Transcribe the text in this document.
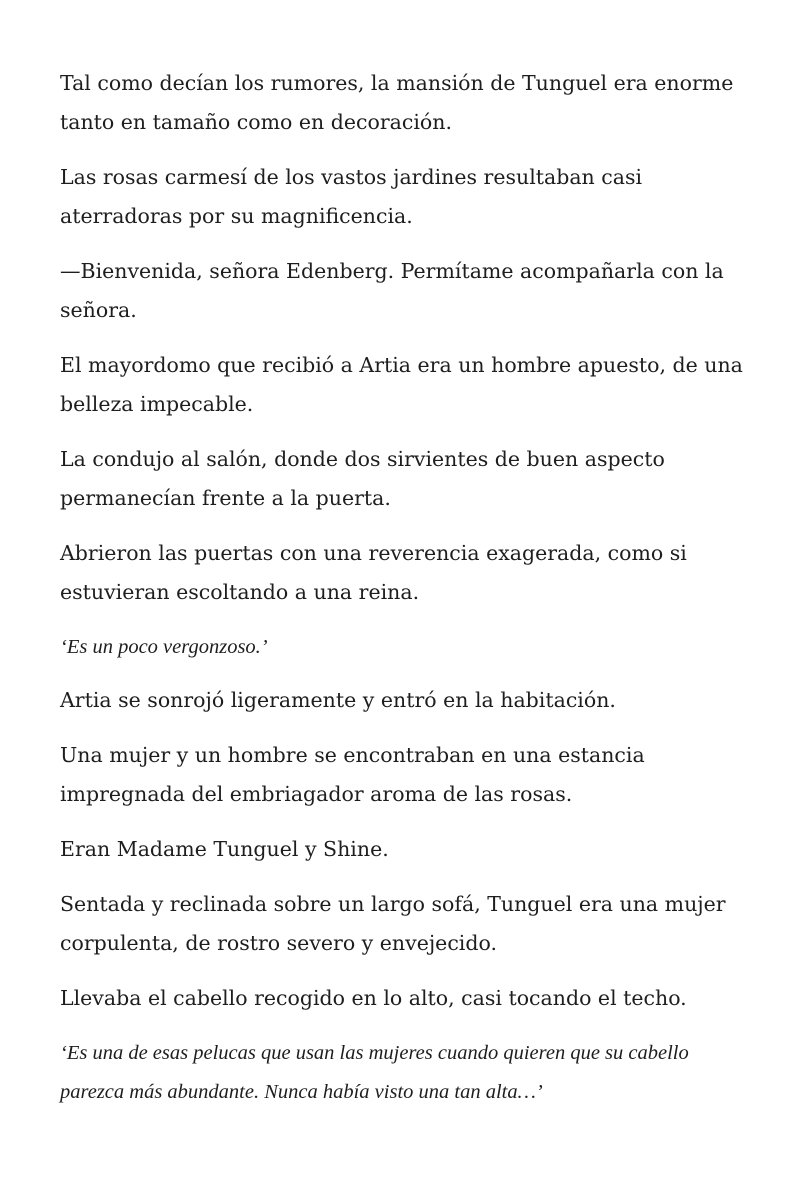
Tal como decían los rumores, la mansión de Tunguel era enorme tanto en tamaño como en decoración.

Las rosas carmesí de los vastos jardines resultaban casi aterradoras por su magnificencia.

—Bienvenida, señora Edenberg. Permítame acompañarla con la señora.

El mayordomo que recibió a Artia era un hombre apuesto, de una belleza impecable.

La condujo al salón, donde dos sirvientes de buen aspecto permanecían frente a la puerta.

Abrieron las puertas con una reverencia exagerada, como si estuvieran escoltando a una reina.

‘Es un poco vergonzoso.’

Artia se sonrojó ligeramente y entró en la habitación.

Una mujer y un hombre se encontraban en una estancia impregnada del embriagador aroma de las rosas.

Eran Madame Tunguel y Shine.

Sentada y reclinada sobre un largo sofá, Tunguel era una mujer corpulenta, de rostro severo y envejecido.

Llevaba el cabello recogido en lo alto, casi tocando el techo.

‘Es una de esas pelucas que usan las mujeres cuando quieren que su cabello parezca más abundante. Nunca había visto una tan alta…’
